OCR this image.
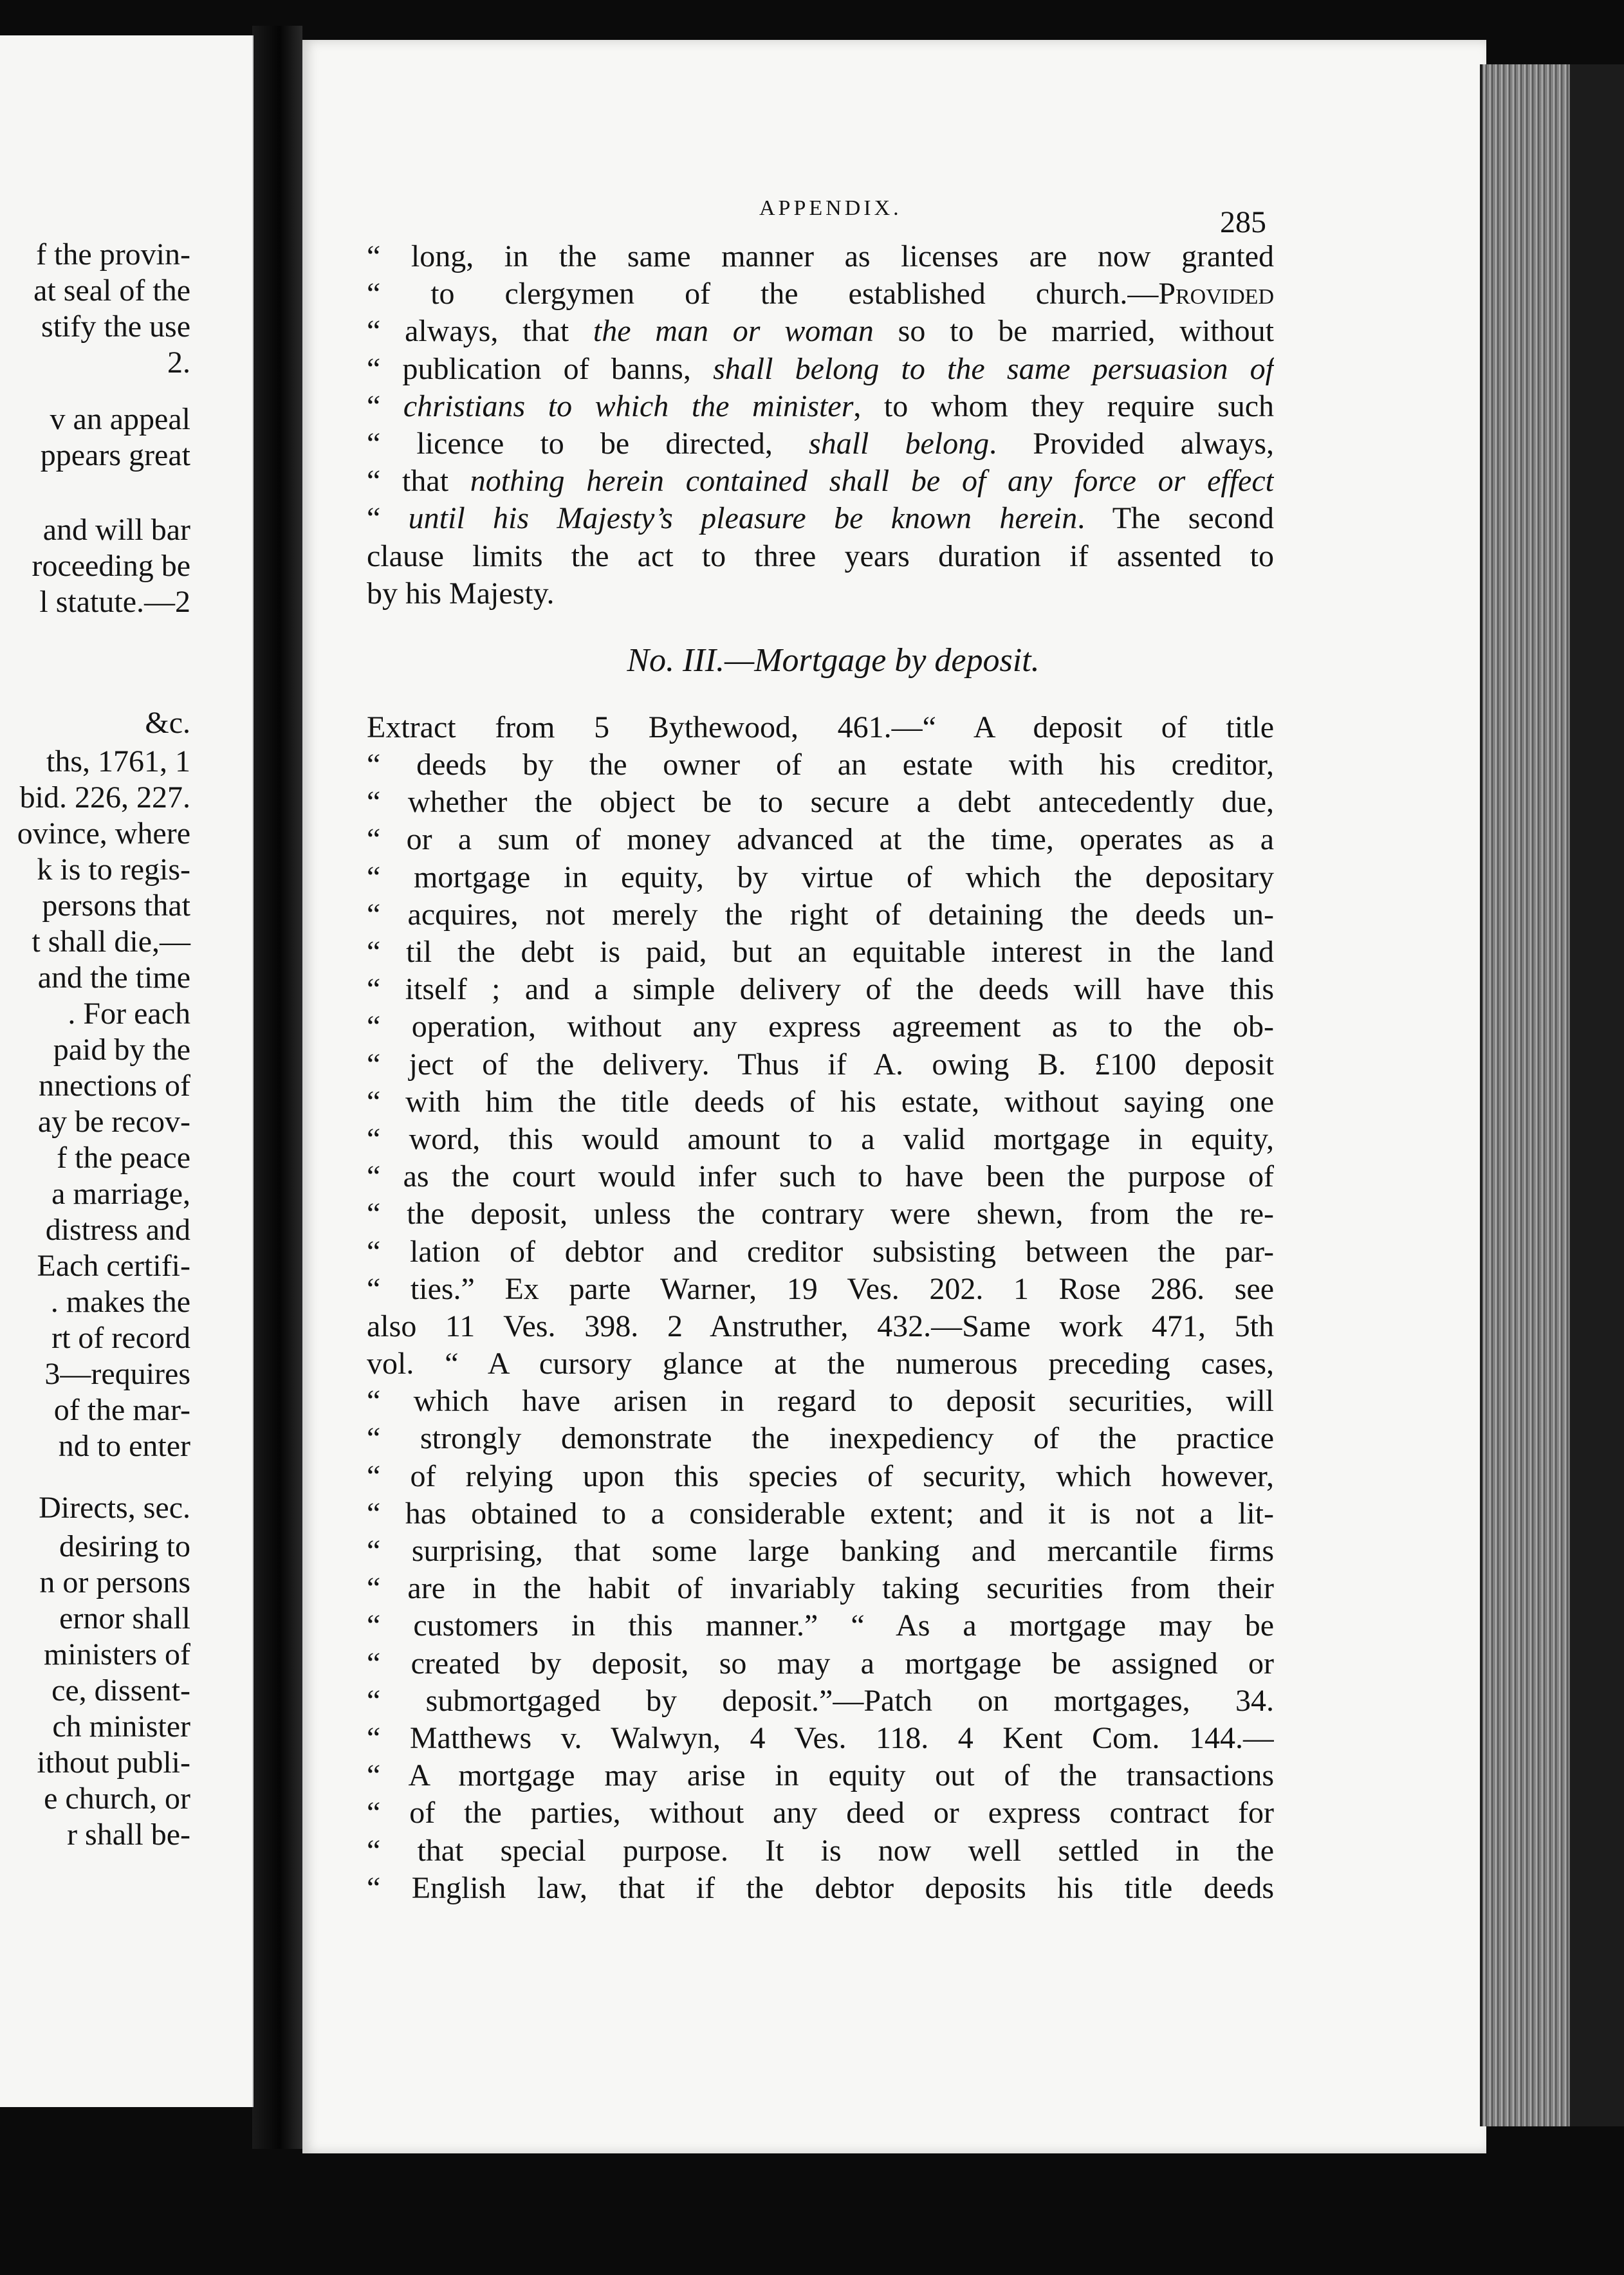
f the provin-
at seal of the
stify the use
2.
v an appeal
ppears great
and will bar
roceeding be
l statute.—2
&c.
ths, 1761, 1
bid. 226, 227.
ovince, where
k is to regis-
persons that
t shall die,—
and the time
. For each
paid by the
nnections of
ay be recov-
f the peace
a marriage,
distress and
Each certifi-
. makes the
rt of record
3—requires
of the mar-
nd to enter
Directs, sec.
desiring to
n or persons
ernor shall
ministers of
ce, dissent-
ch minister
ithout publi-
e church, or
r shall be-
APPENDIX.	285
“ long, in the same manner as licenses are now granted
“ to clergymen of the established church.—Provided
“ always, that the man or woman so to be married, without
“ publication of banns, shall belong to the same persuasion of
“ christians to which the minister, to whom they require such
“ licence to be directed, shall belong. Provided always,
“ that nothing herein contained shall be of any force or effect
“ until his Majesty’s pleasure be known herein. The second
clause limits the act to three years duration if assented to
by his Majesty.
No. III.—Mortgage by deposit.
Extract from 5 Bythewood, 461.—“ A deposit of title
“ deeds by the owner of an estate with his creditor,
“ whether the object be to secure a debt antecedently due,
“ or a sum of money advanced at the time, operates as a
“ mortgage in equity, by virtue of which the depositary
“ acquires, not merely the right of detaining the deeds un-
“ til the debt is paid, but an equitable interest in the land
“ itself ; and a simple delivery of the deeds will have this
“ operation, without any express agreement as to the ob-
“ ject of the delivery. Thus if A. owing B. £100 deposit
“ with him the title deeds of his estate, without saying one
“ word, this would amount to a valid mortgage in equity,
“ as the court would infer such to have been the purpose of
“ the deposit, unless the contrary were shewn, from the re-
“ lation of debtor and creditor subsisting between the par-
“ ties.” Ex parte Warner, 19 Ves. 202. 1 Rose 286. see
also 11 Ves. 398. 2 Anstruther, 432.—Same work 471, 5th
vol. “ A cursory glance at the numerous preceding cases,
“ which have arisen in regard to deposit securities, will
“ strongly demonstrate the inexpediency of the practice
“ of relying upon this species of security, which however,
“ has obtained to a considerable extent; and it is not a lit-
“ surprising, that some large banking and mercantile firms
“ are in the habit of invariably taking securities from their
“ customers in this manner.” “ As a mortgage may be
“ created by deposit, so may a mortgage be assigned or
“ submortgaged by deposit.”—Patch on mortgages, 34.
“ Matthews v. Walwyn, 4 Ves. 118. 4 Kent Com. 144.—
“ A mortgage may arise in equity out of the transactions
“ of the parties, without any deed or express contract for
“ that special purpose. It is now well settled in the
“ English law, that if the debtor deposits his title deeds
